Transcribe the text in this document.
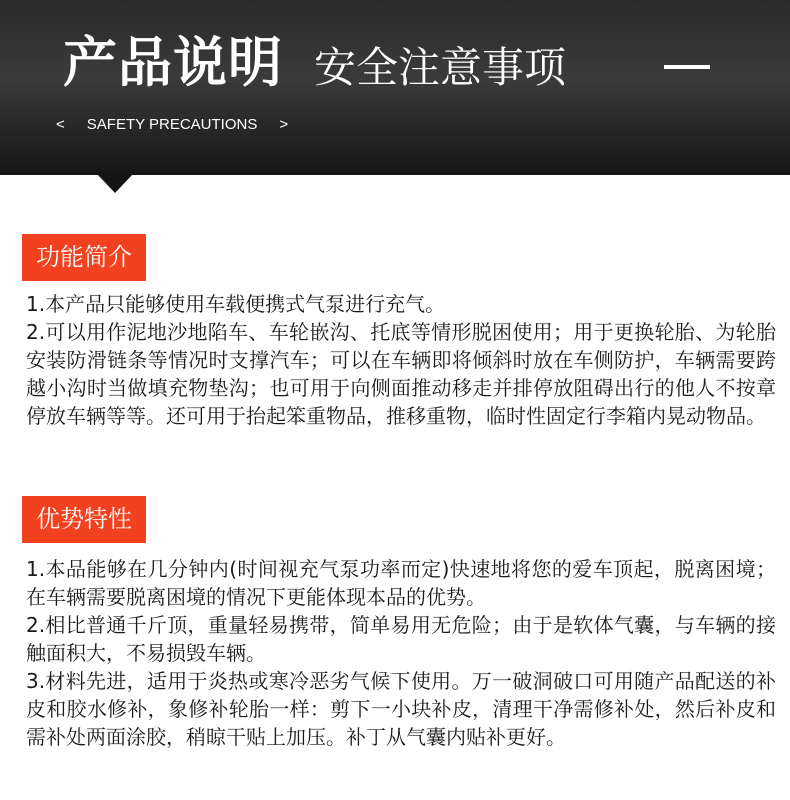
产品说明 安全注意事项
< SAFETY PRECAUTIONS >
功能简介

1.本产品只能够使用车载便携式气泵进行充气。

2.可以用作泥地沙地陷车、车轮嵌沟、托底等情形脱困使用；用于更换轮胎、为轮胎安装防滑链条等情况时支撑汽车；可以在车辆即将倾斜时放在车侧防护，车辆需要跨越小沟时当做填充物垫沟；也可用于向侧面推动移走并排停放阻碍出行的他人不按章停放车辆等等。还可用于抬起笨重物品，推移重物，临时性固定行李箱内晃动物品。

优势特性

1.本品能够在几分钟内(时间视充气泵功率而定)快速地将您的爱车顶起，脱离困境；在车辆需要脱离困境的情况下更能体现本品的优势。

2.相比普通千斤顶，重量轻易携带，简单易用无危险；由于是软体气囊，与车辆的接触面积大，不易损毁车辆。

3.材料先进，适用于炎热或寒冷恶劣气候下使用。万一破洞破口可用随产品配送的补皮和胶水修补，象修补轮胎一样：剪下一小块补皮，清理干净需修补处，然后补皮和需补处两面涂胶，稍晾干贴上加压。补丁从气囊内贴补更好。
